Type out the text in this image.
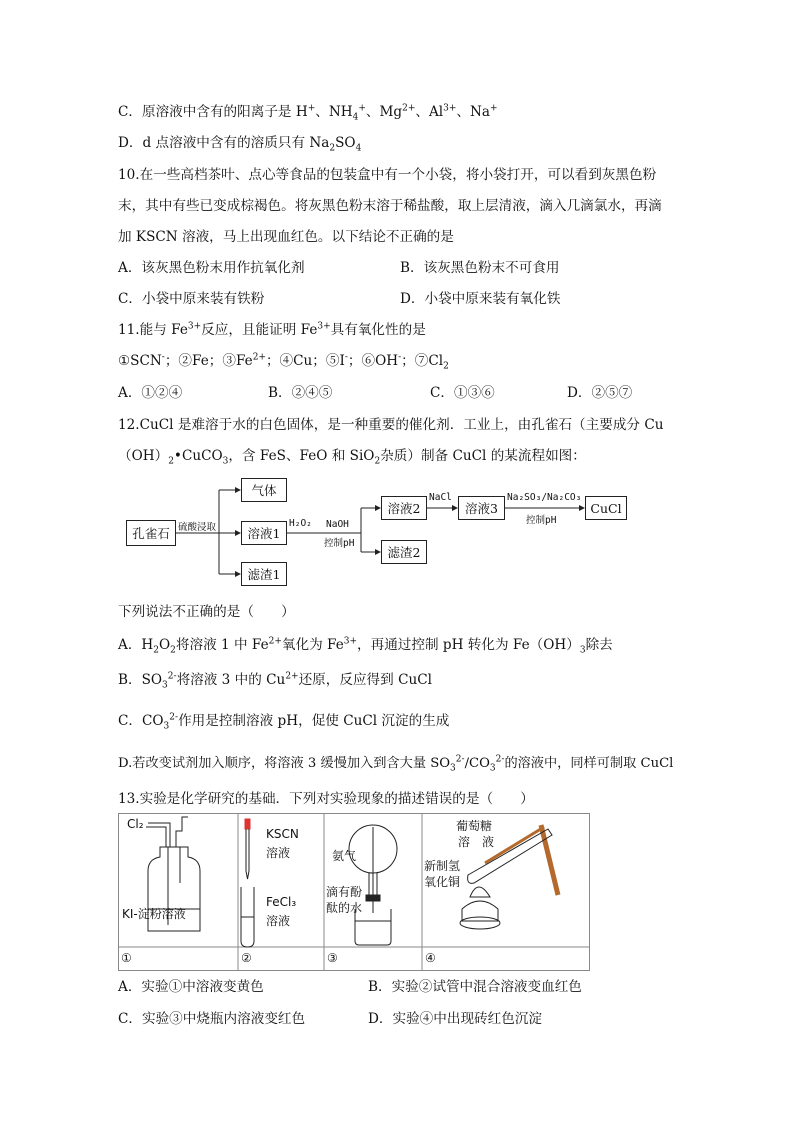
C．原溶液中含有的阳离子是 H+、$NH_4^+$、$Mg^{2+}$、$Al^{3+}$、Na+
D．d 点溶液中含有的溶质只有 $Na_2SO_4$
10.在一些高档茶叶、点心等食品的包装盒中有一个小袋，将小袋打开，可以看到灰黑色粉
末，其中有些已变成棕褐色。将灰黑色粉末溶于稀盐酸，取上层清液，滴入几滴氯水，再滴
加 KSCN 溶液，马上出现血红色。以下结论不正确的是
A．该灰黑色粉末用作抗氧化剂	B．该灰黑色粉末不可食用
C．小袋中原来装有铁粉	D．小袋中原来装有氧化铁
11.能与 $Fe^{3+}$反应，且能证明 $Fe^{3+}$具有氧化性的是
①SCN-；②Fe；$③Fe^{2+}$；④Cu；⑤I-；⑥OH-；$⑦Cl_2$
A．①②④	B．②④⑤	C．①③⑥	D．②⑤⑦
12.CuCl 是难溶于水的白色固体，是一种重要的催化剂．工业上，由孔雀石（主要成分 Cu
$(OH)_2•CuCO_3$，含 FeS、FeO 和 SiO$_2$杂质）制备 CuCl 的某流程如图：
孔雀石 硫酸浸取
气体
溶液1
滤渣1
H₂O₂ NaOH
控制pH
溶液2
滤渣2
NaCl
溶液3
Na₂SO₃/Na₂CO₃
控制pH
CuCl
下列说法不正确的是（　　）
A．$H_2O_2$将溶液 1 中 $Fe^{2+}$氧化为 $Fe^{3+}$，再通过控制 pH 转化为 $Fe(OH)_3$除去
B．$SO_3^{2-}$将溶液 3 中的 $Cu^{2+}$还原，反应得到 CuCl
C．$CO_3^{2-}$作用是控制溶液 pH，促使 CuCl 沉淀的生成
D.若改变试剂加入顺序，将溶液 3 缓慢加入到含大量 $SO_3^{2-}/CO_3^{2-}$的溶液中，同样可制取 CuCl
13.实验是化学研究的基础．下列对实验现象的描述错误的是（　　）
Cl₂
KI-淀粉溶液
KSCN
溶液
FeCl₃
溶液
氨气
滴有酚
酞的水
葡萄糖
溶　液
新制氢
氧化铜
①	②	③	④
A．实验①中溶液变黄色	B．实验②试管中混合溶液变血红色
C．实验③中烧瓶内溶液变红色	D．实验④中出现砖红色沉淀
